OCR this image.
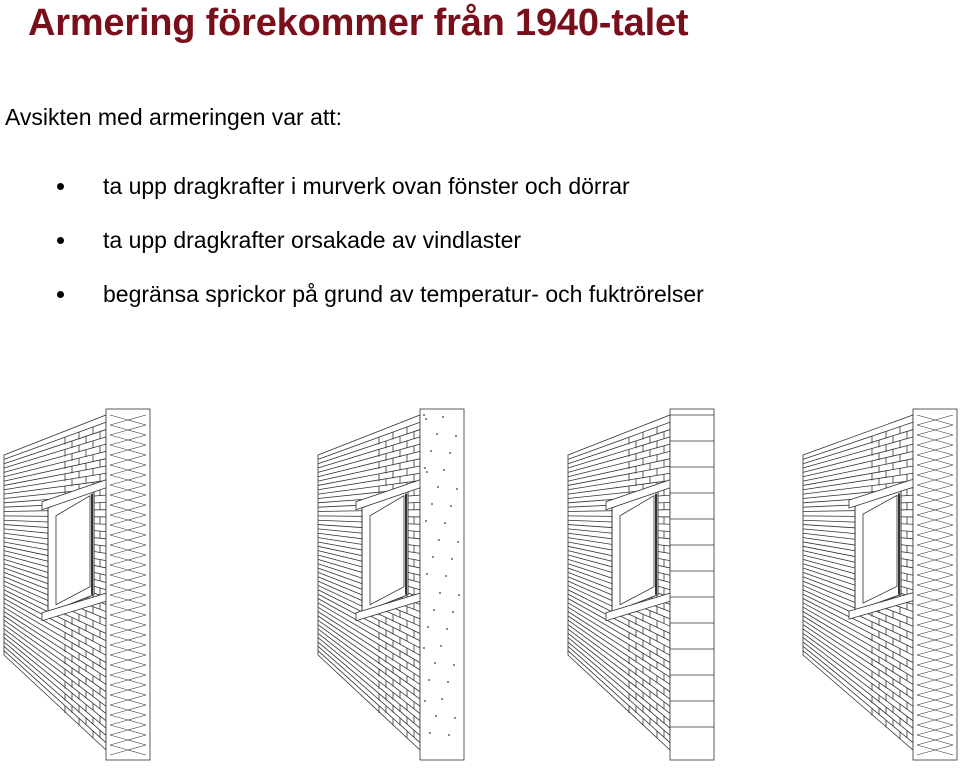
Armering förekommer från 1940-talet
Avsikten med armeringen var att:
ta upp dragkrafter i murverk ovan fönster och dörrar
ta upp dragkrafter orsakade av vindlaster
begränsa sprickor på grund av temperatur- och fuktrörelser
